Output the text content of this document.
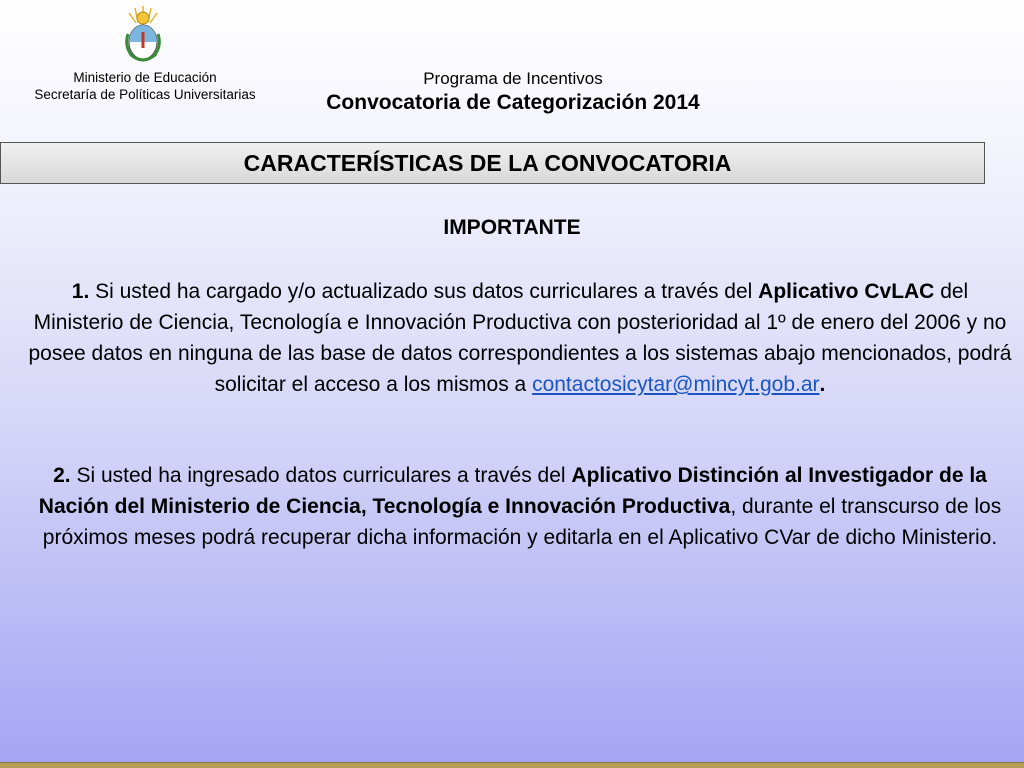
Ministerio de Educación
Secretaría de Políticas Universitarias
Programa de Incentivos
Convocatoria de Categorización 2014
CARACTERÍSTICAS DE LA CONVOCATORIA
IMPORTANTE

1. Si usted ha cargado y/o actualizado sus datos curriculares a través del Aplicativo CvLAC del Ministerio de Ciencia, Tecnología e Innovación Productiva con posterioridad al 1º de enero del 2006 y no posee datos en ninguna de las base de datos correspondientes a los sistemas abajo mencionados, podrá solicitar el acceso a los mismos a contactosicytar@mincyt.gob.ar.

2. Si usted ha ingresado datos curriculares a través del Aplicativo Distinción al Investigador de la Nación del Ministerio de Ciencia, Tecnología e Innovación Productiva, durante el transcurso de los próximos meses podrá recuperar dicha información y editarla en el Aplicativo CVar de dicho Ministerio.
